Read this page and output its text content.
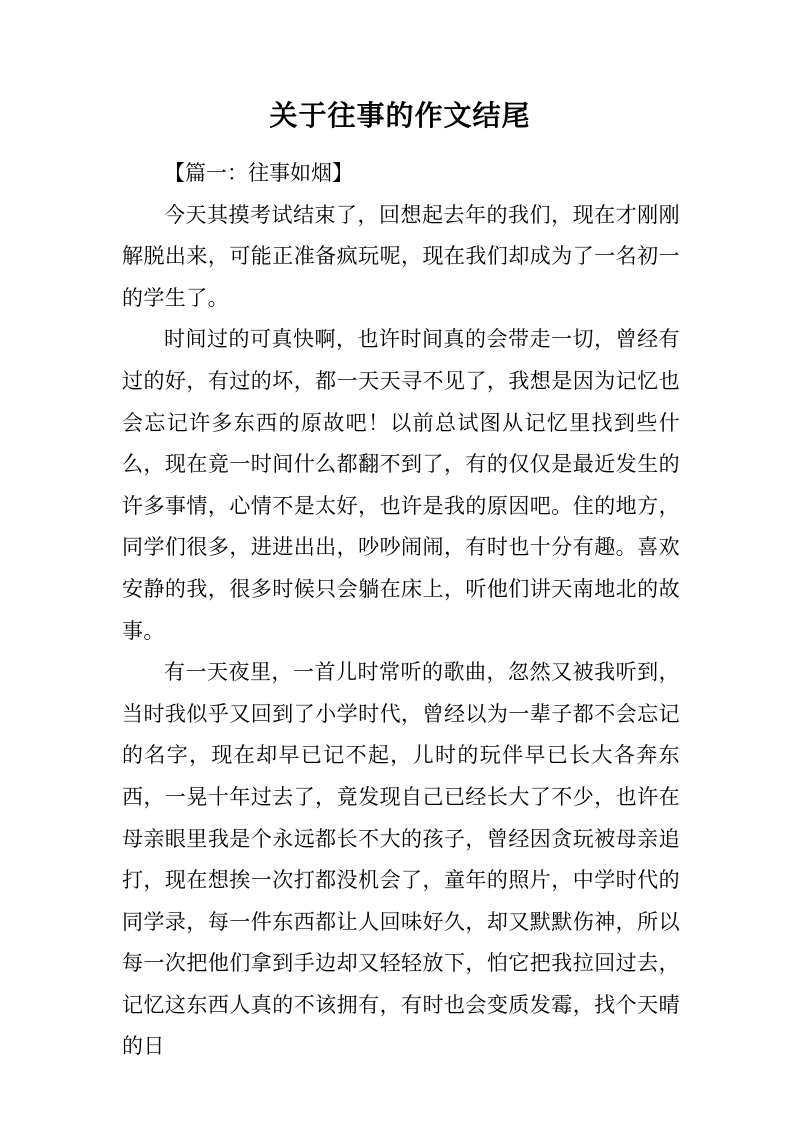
关于往事的作文结尾

【篇一：往事如烟】

今天其摸考试结束了，回想起去年的我们，现在才刚刚解脱出来，可能正准备疯玩呢，现在我们却成为了一名初一的学生了。

时间过的可真快啊，也许时间真的会带走一切，曾经有过的好，有过的坏，都一天天寻不见了，我想是因为记忆也会忘记许多东西的原故吧！以前总试图从记忆里找到些什么，现在竟一时间什么都翻不到了，有的仅仅是最近发生的许多事情，心情不是太好，也许是我的原因吧。住的地方，同学们很多，进进出出，吵吵闹闹，有时也十分有趣。喜欢安静的我，很多时候只会躺在床上，听他们讲天南地北的故事。

有一天夜里，一首儿时常听的歌曲，忽然又被我听到，当时我似乎又回到了小学时代，曾经以为一辈子都不会忘记的名字，现在却早已记不起，儿时的玩伴早已长大各奔东西，一晃十年过去了，竟发现自己已经长大了不少，也许在母亲眼里我是个永远都长不大的孩子，曾经因贪玩被母亲追打，现在想挨一次打都没机会了，童年的照片，中学时代的同学录，每一件东西都让人回味好久，却又默默伤神，所以每一次把他们拿到手边却又轻轻放下，怕它把我拉回过去，记忆这东西人真的不该拥有，有时也会变质发霉，找个天晴的日
